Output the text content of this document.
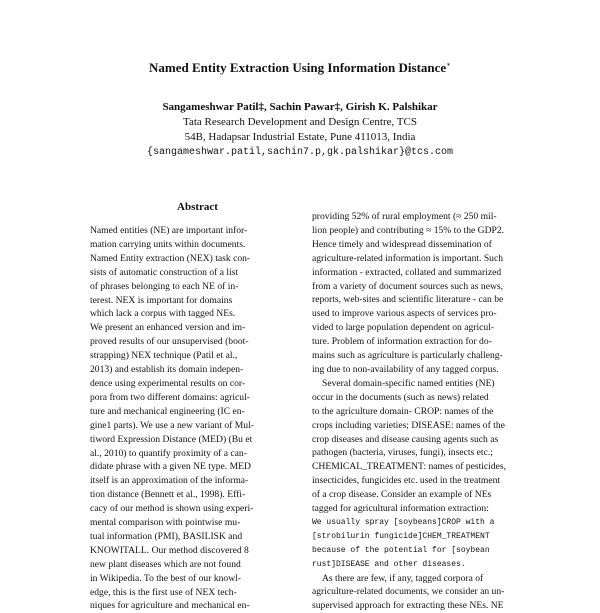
Named Entity Extraction Using Information Distance∗
Sangameshwar Patil‡, Sachin Pawar‡, Girish K. Palshikar
Tata Research Development and Design Centre, TCS
54B, Hadapsar Industrial Estate, Pune 411013, India
{sangameshwar.patil,sachin7.p,gk.palshikar}@tcs.com
Abstract
Named entities (NE) are important infor-
mation carrying units within documents.
Named Entity extraction (NEX) task con-
sists of automatic construction of a list
of phrases belonging to each NE of in-
terest. NEX is important for domains
which lack a corpus with tagged NEs.
We present an enhanced version and im-
proved results of our unsupervised (boot-
strapping) NEX technique (Patil et al.,
2013) and establish its domain indepen-
dence using experimental results on cor-
pora from two different domains: agricul-
ture and mechanical engineering (IC en-
gine1 parts). We use a new variant of Mul-
tiword Expression Distance (MED) (Bu et
al., 2010) to quantify proximity of a can-
didate phrase with a given NE type. MED
itself is an approximation of the informa-
tion distance (Bennett et al., 1998). Effi-
cacy of our method is shown using experi-
mental comparison with pointwise mu-
tual information (PMI), BASILISK and
KNOWITALL. Our method discovered 8
new plant diseases which are not found
in Wikipedia. To the best of our knowl-
edge, this is the first use of NEX tech-
niques for agriculture and mechanical en-
providing 52% of rural employment (≈ 250 mil-
lion people) and contributing ≈ 15% to the GDP2.
Hence timely and widespread dissemination of
agriculture-related information is important. Such
information - extracted, collated and summarized
from a variety of document sources such as news,
reports, web-sites and scientific literature - can be
used to improve various aspects of services pro-
vided to large population dependent on agricul-
ture. Problem of information extraction for do-
mains such as agriculture is particularly challeng-
ing due to non-availability of any tagged corpus.
Several domain-specific named entities (NE)
occur in the documents (such as news) related
to the agriculture domain- CROP: names of the
crops including varieties; DISEASE: names of the
crop diseases and disease causing agents such as
pathogen (bacteria, viruses, fungi), insects etc.;
CHEMICAL_TREATMENT: names of pesticides,
insecticides, fungicides etc. used in the treatment
of a crop disease. Consider an example of NEs
tagged for agricultural information extraction:
We usually spray [soybeans]CROP with a
[strobilurin fungicide]CHEM_TREATMENT
because of the potential for [soybean
rust]DISEASE and other diseases.
As there are few, if any, tagged corpora of
agriculture-related documents, we consider an un-
supervised approach for extracting these NEs. NE
